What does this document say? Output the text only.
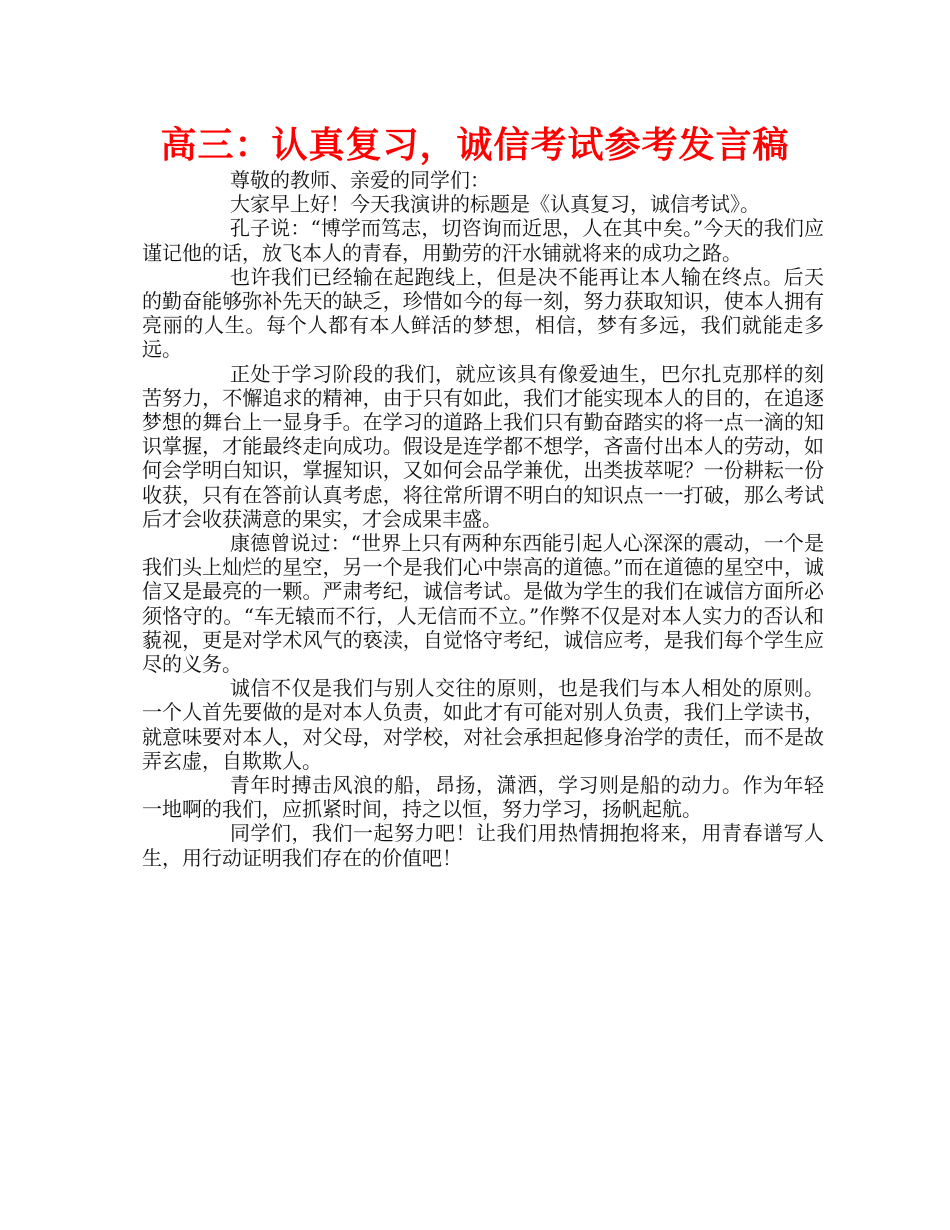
高三：认真复习，诚信考试参考发言稿

尊敬的教师、亲爱的同学们：

大家早上好！今天我演讲的标题是《认真复习，诚信考试》。

孔子说：“博学而笃志，切咨询而近思，人在其中矣。”今天的我们应谨记他的话，放飞本人的青春，用勤劳的汗水铺就将来的成功之路。

也许我们已经输在起跑线上，但是决不能再让本人输在终点。后天的勤奋能够弥补先天的缺乏，珍惜如今的每一刻，努力获取知识，使本人拥有亮丽的人生。每个人都有本人鲜活的梦想，相信，梦有多远，我们就能走多远。

正处于学习阶段的我们，就应该具有像爱迪生，巴尔扎克那样的刻苦努力，不懈追求的精神，由于只有如此，我们才能实现本人的目的，在追逐梦想的舞台上一显身手。在学习的道路上我们只有勤奋踏实的将一点一滴的知识掌握，才能最终走向成功。假设是连学都不想学，吝啬付出本人的劳动，如何会学明白知识，掌握知识，又如何会品学兼优，出类拔萃呢？一份耕耘一份收获，只有在答前认真考虑，将往常所谓不明白的知识点一一打破，那么考试后才会收获满意的果实，才会成果丰盛。

康德曾说过：“世界上只有两种东西能引起人心深深的震动，一个是我们头上灿烂的星空，另一个是我们心中崇高的道德。”而在道德的星空中，诚信又是最亮的一颗。严肃考纪，诚信考试。是做为学生的我们在诚信方面所必须恪守的。“车无辕而不行，人无信而不立。”作弊不仅是对本人实力的否认和藐视，更是对学术风气的亵渎，自觉恪守考纪，诚信应考，是我们每个学生应尽的义务。

诚信不仅是我们与别人交往的原则，也是我们与本人相处的原则。一个人首先要做的是对本人负责，如此才有可能对别人负责，我们上学读书，就意味要对本人，对父母，对学校，对社会承担起修身治学的责任，而不是故弄玄虚，自欺欺人。

青年时搏击风浪的船，昂扬，潇洒，学习则是船的动力。作为年轻一地啊的我们，应抓紧时间，持之以恒，努力学习，扬帆起航。

同学们，我们一起努力吧！让我们用热情拥抱将来，用青春谱写人生，用行动证明我们存在的价值吧！
